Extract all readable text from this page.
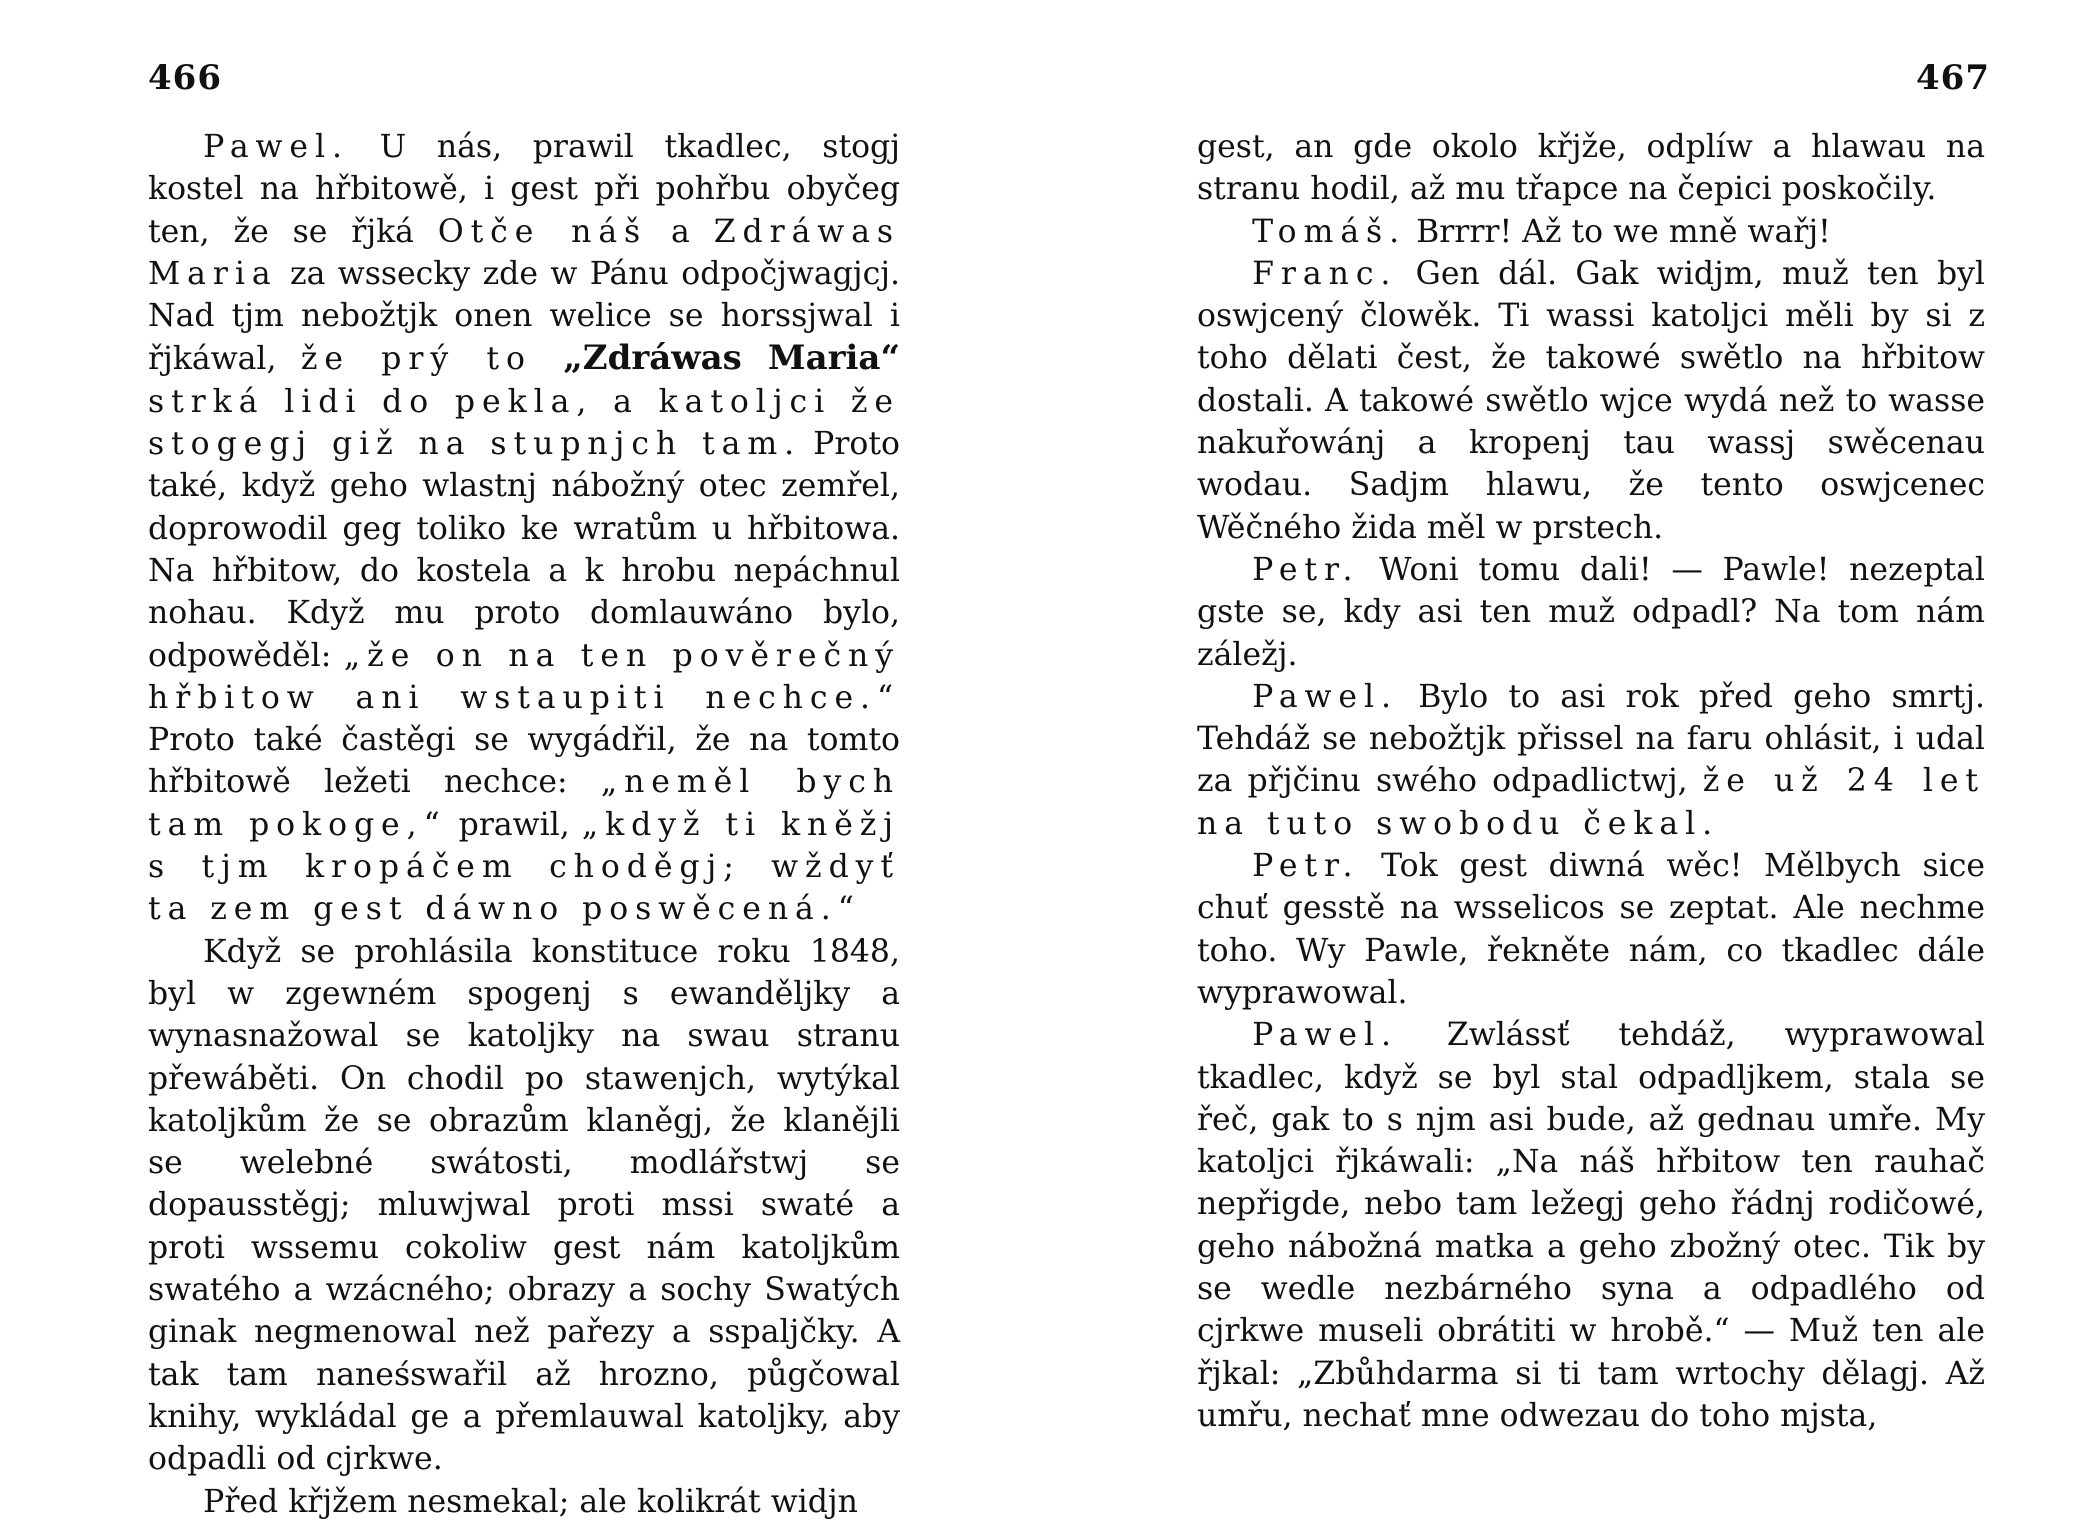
466

Pawel. U nás, prawil tkadlec, stogj kostel na hřbitowě, i gest při pohřbu obyčeg ten, že se řjká Otče náš a Zdráwas Maria za wssecky zde w Pánu odpočjwagjcj. Nad tjm nebožtjk onen welice se horssjwal i řjkáwal, že prý to „Zdráwas Maria“ strká lidi do pekla, a katoljci že stogegj giž na stupnjch tam. Proto také, když geho wlastnj nábožný otec zemřel, doprowodil geg toliko ke wratům u hřbitowa. Na hřbitow, do kostela a k hrobu nepáchnul nohau. Když mu proto domlauwáno bylo, odpowěděl: „že on na ten pověrečný hřbitow ani wstaupiti nechce.“ Proto také častěgi se wygádřil, že na tomto hřbitowě ležeti nechce: „neměl bych tam pokoge,“ prawil, „když ti kněžj s tjm kropáčem choděgj; wždyť ta zem gest dáwno poswěcená.“

Když se prohlásila konstituce roku 1848, byl w zgewném spogenj s ewanděljky a wynasnažowal se katoljky na swau stranu přewáběti. On chodil po stawenjch, wytýkal katoljkům že se obrazům klaněgj, že klanějli se welebné swátosti, modlářstwj se dopausstěgj; mluwjwal proti mssi swaté a proti wssemu cokoliw gest nám katoljkům swatého a wzácného; obrazy a sochy Swatých ginak negmenowal než pařezy a sspaljčky. A tak tam naneśswařil až hrozno, půgčowal knihy, wykládal ge a přemlauwal katoljky, aby odpadli od cjrkwe.

Před křjžem nesmekal; ale kolikrát widjn

467

gest, an gde okolo křjže, odplíw a hlawau na stranu hodil, až mu třapce na čepici poskočily.

Tomáš. Brrrr! Až to we mně wařj!

Franc. Gen dál. Gak widjm, muž ten byl oswjcený člowěk. Ti wassi katoljci měli by si z toho dělati čest, že takowé swětlo na hřbitow dostali. A takowé swětlo wjce wydá než to wasse nakuřowánj a kropenj tau wassj swěcenau wodau. Sadjm hlawu, že tento oswjcenec Wěčného žida měl w prstech.

Petr. Woni tomu dali! — Pawle! nezeptal gste se, kdy asi ten muž odpadl? Na tom nám záležj.

Pawel. Bylo to asi rok před geho smrtj. Tehdáž se nebožtjk přissel na faru ohlásit, i udal za přjčinu swého odpadlictwj, že už 24 let na tuto swobodu čekal.

Petr. Tok gest diwná wěc! Mělbych sice chuť gesstě na wsselicos se zeptat. Ale nechme toho. Wy Pawle, řekněte nám, co tkadlec dále wyprawowal.

Pawel. Zwlássť tehdáž, wyprawowal tkadlec, když se byl stal odpadljkem, stala se řeč, gak to s njm asi bude, až gednau umře. My katoljci řjkáwali: „Na náš hřbitow ten rauhač nepřigde, nebo tam ležegj geho řádnj rodičowé, geho nábožná matka a geho zbožný otec. Tik by se wedle nezbárného syna a odpadlého od cjrkwe museli obrátiti w hrobě.“ — Muž ten ale řjkal: „Zbůhdarma si ti tam wrtochy dělagj. Až umřu, nechať mne odwezau do toho mjsta,
